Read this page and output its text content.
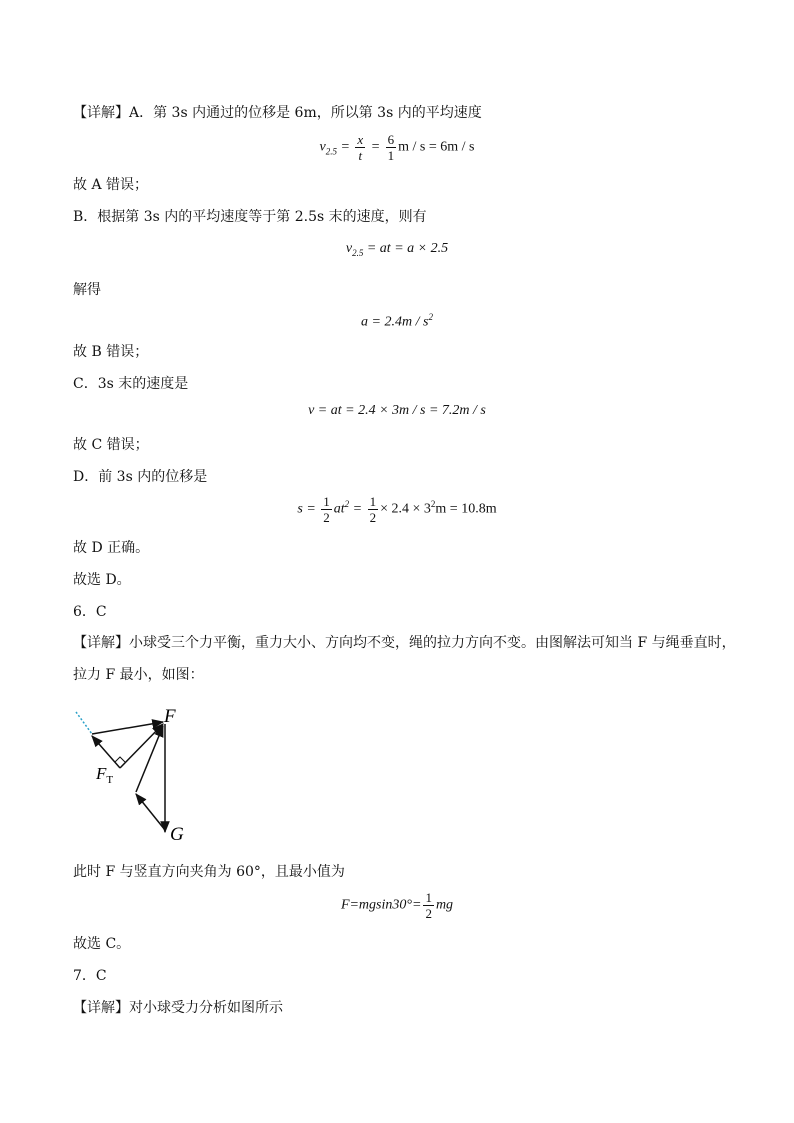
【详解】A．第 3s 内通过的位移是 6m，所以第 3s 内的平均速度
$v_{2.5} = \frac{x}{t} = \frac{6}{1}$ m / s = 6m / s
故 A 错误；
B．根据第 3s 内的平均速度等于第 2.5s 末的速度，则有
$v_{2.5}$ = at = a × 2.5
解得
$a = 2.4m / s^2$
故 B 错误；
C．3s 末的速度是
v = at = 2.4 × 3m / s = 7.2m / s
故 C 错误；
D．前 3s 内的位移是
$s = \frac{1}{2} at^2 = \frac{1}{2} \times 2.4 \times 3^2m = 10.8m$
故 D 正确。
故选 D。
6．C
【详解】小球受三个力平衡，重力大小、方向均不变，绳的拉力方向不变。由图解法可知当 F 与绳垂直时，
拉力 F 最小，如图：
F
$F_T$
G
此时 F 与竖直方向夹角为 60°，且最小值为
$F=mgsin30^\circ= \frac{1}{2}$ mg
故选 C。
7．C
【详解】对小球受力分析如图所示
